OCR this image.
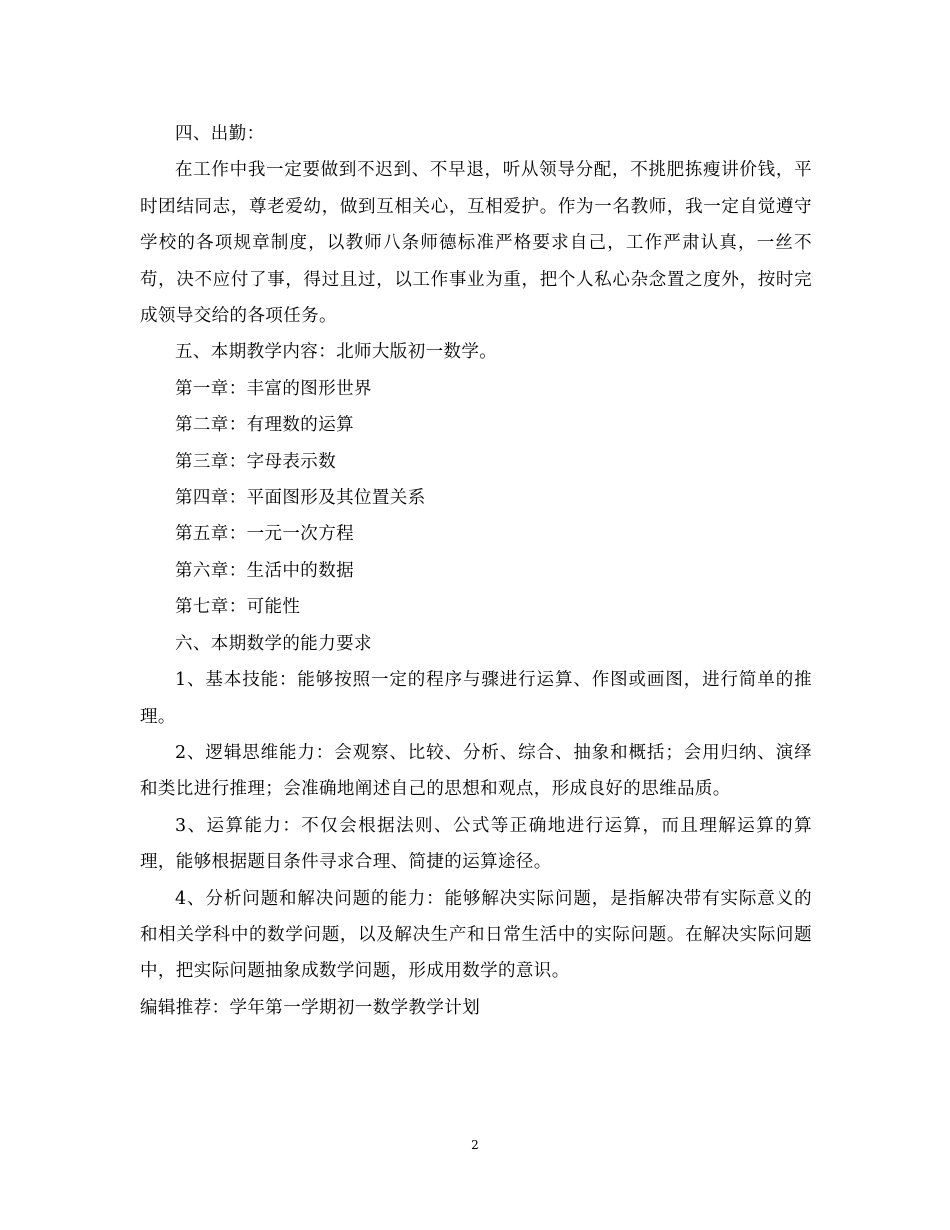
四、出勤：

在工作中我一定要做到不迟到、不早退，听从领导分配，不挑肥拣瘦讲价钱，平时团结同志，尊老爱幼，做到互相关心，互相爱护。作为一名教师，我一定自觉遵守学校的各项规章制度，以教师八条师德标准严格要求自己，工作严肃认真，一丝不苟，决不应付了事，得过且过，以工作事业为重，把个人私心杂念置之度外，按时完成领导交给的各项任务。

五、本期教学内容：北师大版初一数学。

第一章：丰富的图形世界

第二章：有理数的运算

第三章：字母表示数

第四章：平面图形及其位置关系

第五章：一元一次方程

第六章：生活中的数据

第七章：可能性

六、本期数学的能力要求

1、基本技能：能够按照一定的程序与骤进行运算、作图或画图，进行简单的推理。

2、逻辑思维能力：会观察、比较、分析、综合、抽象和概括；会用归纳、演绎和类比进行推理；会准确地阐述自己的思想和观点，形成良好的思维品质。

3、运算能力：不仅会根据法则、公式等正确地进行运算，而且理解运算的算理，能够根据题目条件寻求合理、简捷的运算途径。

4、分析问题和解决问题的能力：能够解决实际问题，是指解决带有实际意义的和相关学科中的数学问题，以及解决生产和日常生活中的实际问题。在解决实际问题中，把实际问题抽象成数学问题，形成用数学的意识。

编辑推荐：学年第一学期初一数学教学计划

2
